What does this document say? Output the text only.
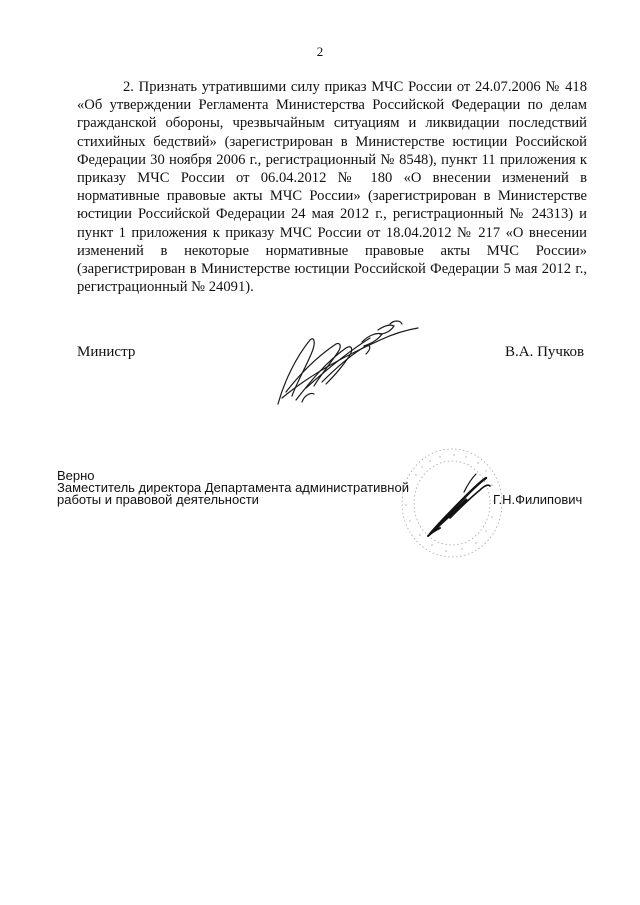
2

2. Признать утратившими силу приказ МЧС России от 24.07.2006 № 418 «Об утверждении Регламента Министерства Российской Федерации по делам гражданской обороны, чрезвычайным ситуациям и ликвидации последствий стихийных бедствий» (зарегистрирован в Министерстве юстиции Российской Федерации 30 ноября 2006 г., регистрационный № 8548), пункт 11 приложения к приказу МЧС России от 06.04.2012 № 180 «О внесении изменений в нормативные правовые акты МЧС России» (зарегистрирован в Министерстве юстиции Российской Федерации 24 мая 2012 г., регистрационный № 24313) и пункт 1 приложения к приказу МЧС России от 18.04.2012 № 217 «О внесении изменений в некоторые нормативные правовые акты МЧС России» (зарегистрирован в Министерстве юстиции Российской Федерации 5 мая 2012 г., регистрационный № 24091).

Министр	В.А. Пучков
Верно
Заместитель директора Департамента административной
работы и правовой деятельности	Г.Н.Филипович
